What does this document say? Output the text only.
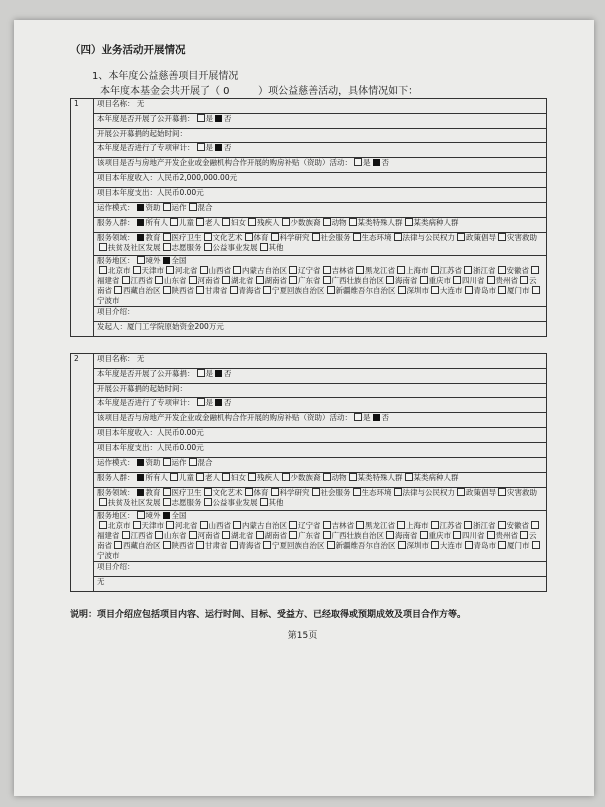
（四）业务活动开展情况
1、本年度公益慈善项目开展情况
本年度本基金会共开展了（ 0         ）项公益慈善活动，具体情况如下：
1	项目名称： 无
本年度是否开展了公开募捐： 是 否
开展公开募捐的起始时间：
本年度是否进行了专项审计： 是 否
该项目是否与房地产开发企业或金融机构合作开展的购房补贴（资助）活动： 是 否
项目本年度收入：人民币2,000,000.00元
项目本年度支出：人民币0.00元
运作模式： 资助 运作 混合
服务人群： 所有人 儿童 老人 妇女 残疾人 少数族裔 动物 某类特殊人群 某类病种人群
服务领域： 教育 医疗卫生 文化艺术 体育 科学研究 社会服务 生态环境 法律与公民权力 政策倡导 灾害救助扶贫及社区发展 志愿服务 公益事业发展 其他
服务地区： 境外 全国
北京市 天津市 河北省 山西省 内蒙古自治区 辽宁省 吉林省 黑龙江省 上海市 江苏省 浙江省 安徽省福建省 江西省 山东省 河南省 湖北省 湖南省 广东省 广西壮族自治区 海南省 重庆市 四川省 贵州省 云南省 西藏自治区 陕西省 甘肃省 青海省 宁夏回族自治区 新疆维吾尔自治区 深圳市 大连市 青岛市 厦门市宁波市
项目介绍：
发起人：厦门工学院原始资金200万元
2	项目名称： 无
本年度是否开展了公开募捐： 是 否
开展公开募捐的起始时间：
本年度是否进行了专项审计： 是 否
该项目是否与房地产开发企业或金融机构合作开展的购房补贴（资助）活动： 是 否
项目本年度收入：人民币0.00元
项目本年度支出：人民币0.00元
运作模式： 资助 运作 混合
服务人群： 所有人 儿童 老人 妇女 残疾人 少数族裔 动物 某类特殊人群 某类病种人群
服务领域： 教育 医疗卫生 文化艺术 体育 科学研究 社会服务 生态环境 法律与公民权力 政策倡导 灾害救助扶贫及社区发展 志愿服务 公益事业发展 其他
服务地区： 境外 全国
北京市 天津市 河北省 山西省 内蒙古自治区 辽宁省 吉林省 黑龙江省 上海市 江苏省 浙江省 安徽省福建省 江西省 山东省 河南省 湖北省 湖南省 广东省 广西壮族自治区 海南省 重庆市 四川省 贵州省 云南省 西藏自治区 陕西省 甘肃省 青海省 宁夏回族自治区 新疆维吾尔自治区 深圳市 大连市 青岛市 厦门市宁波市
项目介绍：
无
说明：项目介绍应包括项目内容、运行时间、目标、受益方、已经取得或预期成效及项目合作方等。
第15页
